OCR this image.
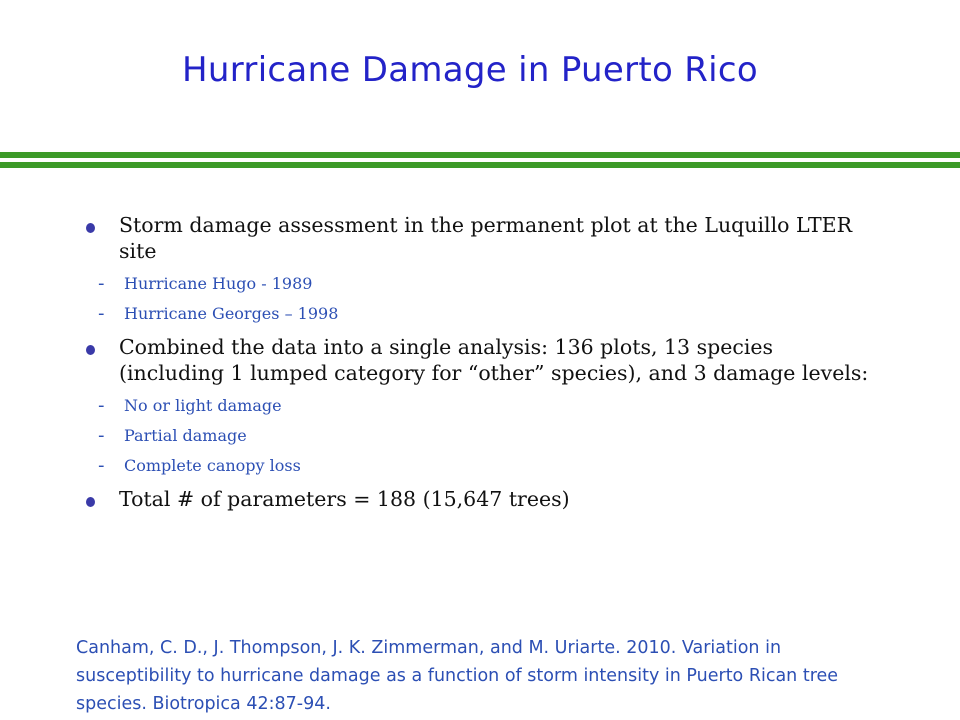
Hurricane Damage in Puerto Rico
Storm damage assessment in the permanent plot at the Luquillo LTER site
- Hurricane Hugo - 1989
- Hurricane Georges – 1998
Combined the data into a single analysis: 136 plots, 13 species (including 1 lumped category for “other” species), and 3 damage levels:
- No or light damage
- Partial damage
- Complete canopy loss
Total # of parameters = 188 (15,647 trees)
Canham, C. D., J. Thompson, J. K. Zimmerman, and M. Uriarte. 2010. Variation in susceptibility to hurricane damage as a function of storm intensity in Puerto Rican tree species. Biotropica 42:87-94.
